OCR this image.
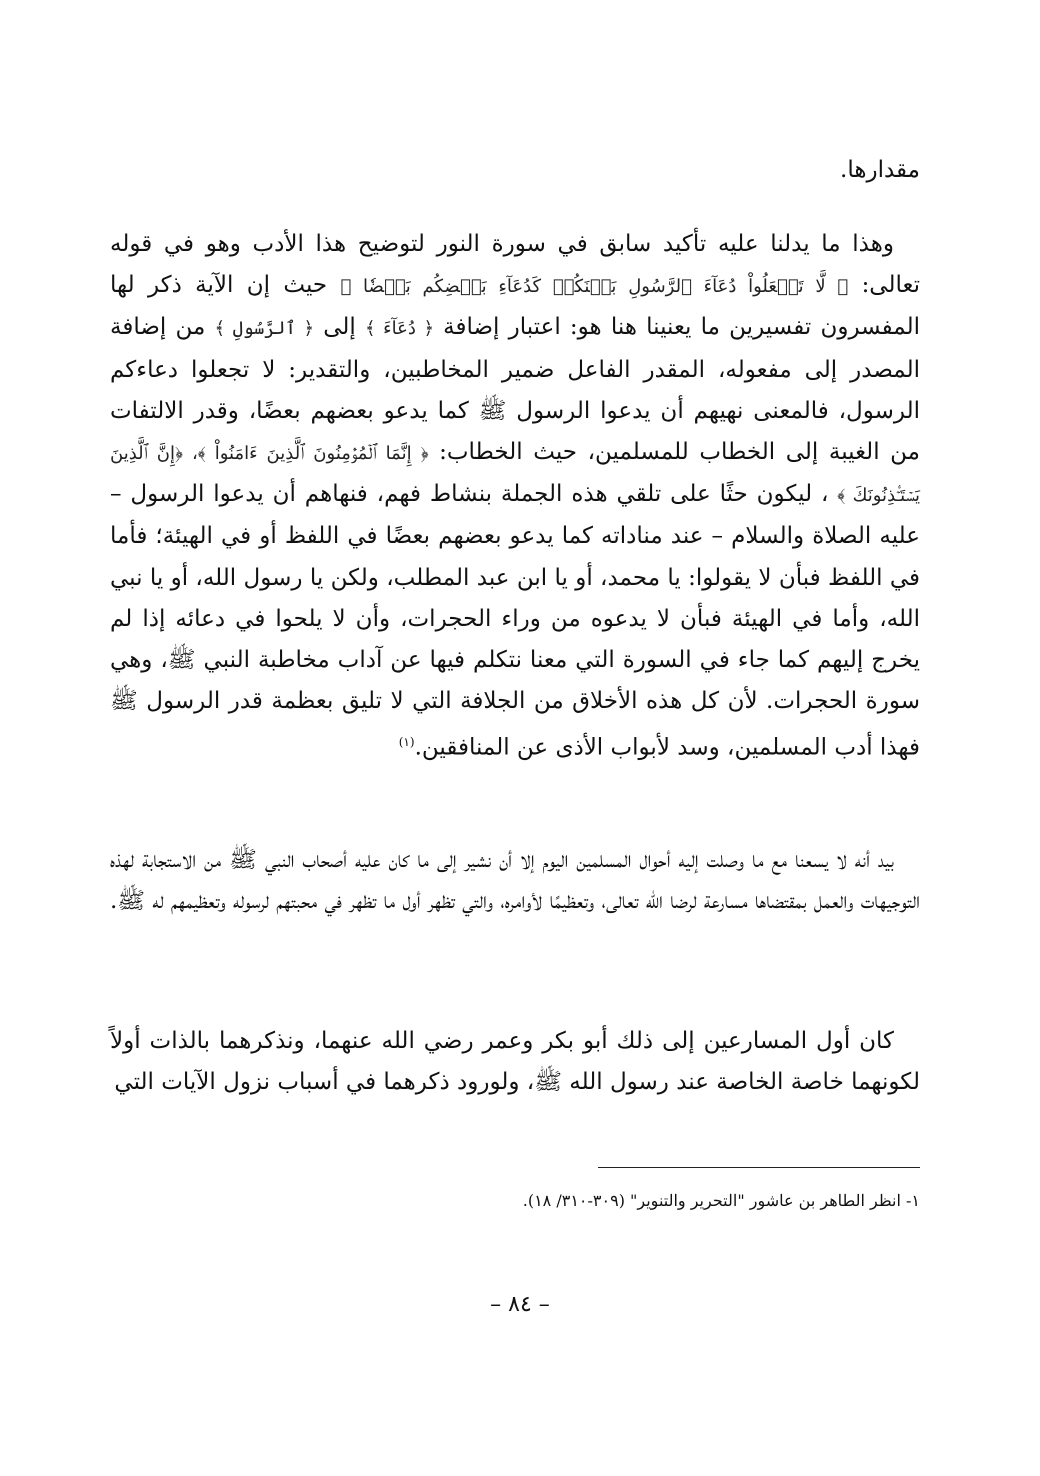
مقدارها.

وهذا ما يدلنا عليه تأكيد سابق في سورة النور لتوضيح هذا الأدب وهو في قوله تعالى: ﴿ لَّا تَجۡعَلُواْ دُعَآءَ ٱلرَّسُولِ بَيۡنَكُمۡ كَدُعَآءِ بَعۡضِكُم بَعۡضٗا ﴾ حيث إن الآية ذكر لها المفسرون تفسيرين ما يعنينا هنا هو: اعتبار إضافة ﴿ دُعَآءَ ﴾ إلى ﴿ ٱلرَّسُولِ ﴾ من إضافة المصدر إلى مفعوله، المقدر الفاعل ضمير المخاطبين، والتقدير: لا تجعلوا دعاءكم الرسول، فالمعنى نهيهم أن يدعوا الرسول ﷺ كما يدعو بعضهم بعضًا، وقدر الالتفات من الغيبة إلى الخطاب للمسلمين، حيث الخطاب: ﴿ إِنَّمَا ٱلۡمُؤۡمِنُونَ ٱلَّذِينَ ءَامَنُواْ ﴾، ﴿إِنَّ ٱلَّذِينَ يَسۡتَـٔۡذِنُونَكَ ﴾ ، ليكون حثًا على تلقي هذه الجملة بنشاط فهم، فنهاهم أن يدعوا الرسول – عليه الصلاة والسلام – عند مناداته كما يدعو بعضهم بعضًا في اللفظ أو في الهيئة؛ فأما في اللفظ فبأن لا يقولوا: يا محمد، أو يا ابن عبد المطلب، ولكن يا رسول الله، أو يا نبي الله، وأما في الهيئة فبأن لا يدعوه من وراء الحجرات، وأن لا يلحوا في دعائه إذا لم يخرج إليهم كما جاء في السورة التي معنا نتكلم فيها عن آداب مخاطبة النبي ﷺ، وهي سورة الحجرات. لأن كل هذه الأخلاق من الجلافة التي لا تليق بعظمة قدر الرسول ﷺ فهذا أدب المسلمين، وسد لأبواب الأذى عن المنافقين.$^{(١)}$

بيد أنه لا يسعنا مع ما وصلت إليه أحوال المسلمين اليوم إلا أن نشير إلى ما كان عليه أصحاب النبي ﷺ من الاستجابة لهذه التوجيهات والعمل بمقتضاها مسارعة لرضا الله تعالى، وتعظيمًا لأوامره، والتي تظهر أول ما تظهر في محبتهم لرسوله وتعظيمهم له ﷺ.

كان أول المسارعين إلى ذلك أبو بكر وعمر رضي الله عنهما، ونذكرهما بالذات أولاً لكونهما خاصة الخاصة عند رسول الله ﷺ، ولورود ذكرهما في أسباب نزول الآيات التي

١- انظر الطاهر بن عاشور "التحرير والتنوير" (٣٠٩-٣١٠/ ١٨).
– ٨٤ –
